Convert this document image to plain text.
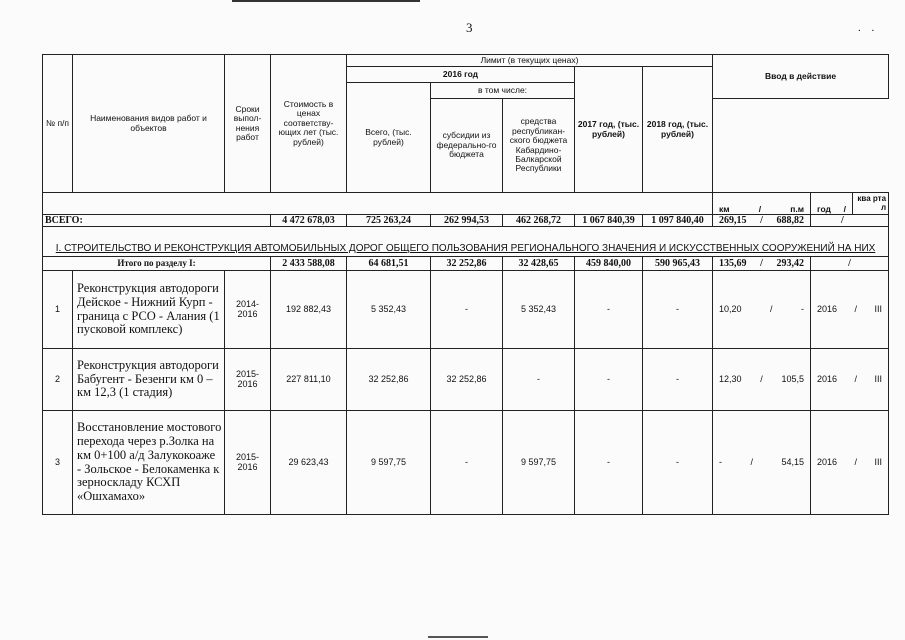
3	. .
№ п/п	Наименования видов работ и объектов	Сроки выпол-нения работ	Стоимость в ценах соответству-ющих лет (тыс. рублей)	Лимит (в текущих ценах)					Ввод в действие		
				2016 год			2017 год, (тыс. рублей)	2018 год, (тыс. рублей)			
				Всего, (тыс. рублей)	в том числе:						
					субсидии из федерально-го бюджета	средства республикан-ского бюджета Кабардино-Балкарской Республики					

									км / п.м	год /	ква рта л
ВСЕГО:			4 472 678,03	725 263,24	262 994,53	462 268,72	1 067 840,39	1 097 840,40	269,15 / 688,82	/	
I. СТРОИТЕЛЬСТВО И РЕКОНСТРУКЦИЯ АВТОМОБИЛЬНЫХ ДОРОГ ОБЩЕГО ПОЛЬЗОВАНИЯ РЕГИОНАЛЬНОГО ЗНАЧЕНИЯ И ИСКУССТВЕННЫХ СООРУЖЕНИЙ НА НИХ											
Итого по разделу I:			2 433 588,08	64 681,51	32 252,86	32 428,65	459 840,00	590 965,43	135,69 / 293,42	/	
1	Реконструкция автодороги Дейское - Нижний Курп - граница с РСО - Алания (1 пусковой комплекс)	2014-2016	192 882,43	5 352,43	-	5 352,43	-	-	10,20 / -	2016 / III	

2	Реконструкция автодороги Бабугент - Безенги км 0 – км 12,3 (1 стадия)	2015-2016	227 811,10	32 252,86	32 252,86	-	-	-	12,30 / 105,5	2016 / III	

3	Восстановление мостового перехода через р.Золка на км 0+100 а/д Залукокоаже - Зольское - Белокаменка к зерноскладу КСХП «Ошхамахо»	2015-2016	29 623,43	9 597,75	-	9 597,75	-	-	- / 54,15	2016 / III	
